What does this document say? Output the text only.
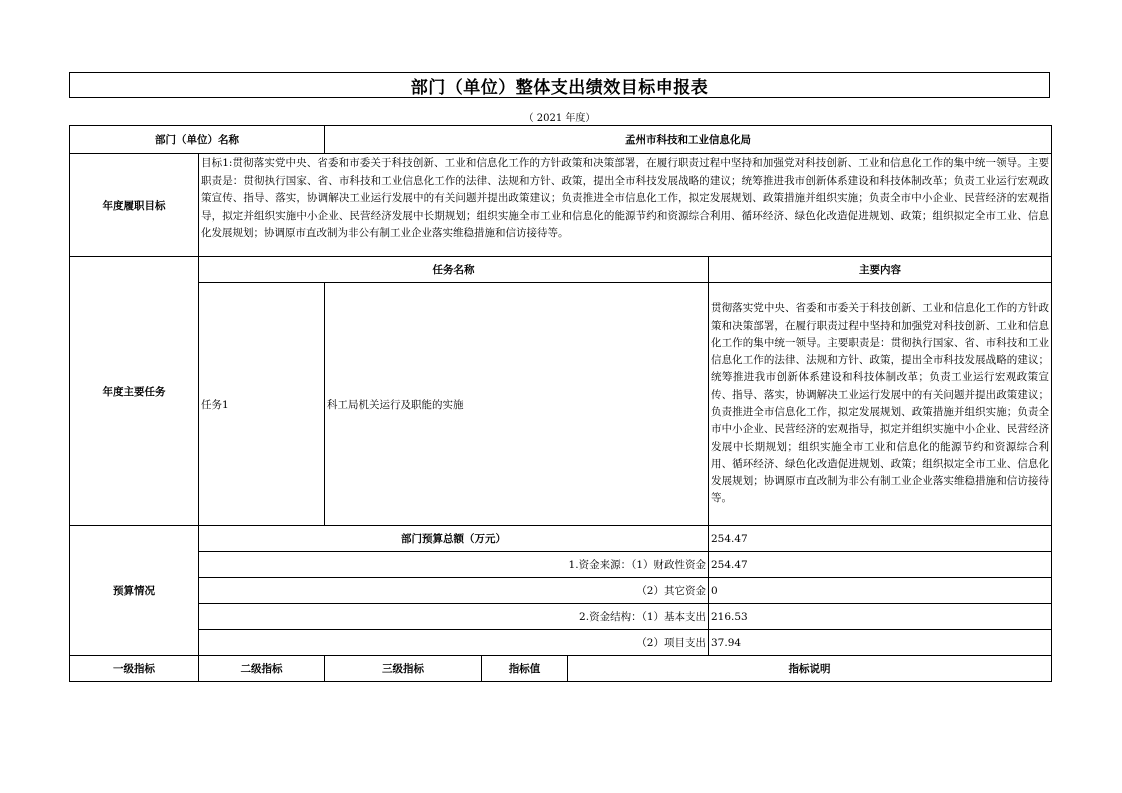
部门（单位）整体支出绩效目标申报表
（ 2021 年度）
部门（单位）名称		孟州市科技和工业信息化局			
年度履职目标	目标1:贯彻落实党中央、省委和市委关于科技创新、工业和信息化工作的方针政策和决策部署，在履行职责过程中坚持和加强党对科技创新、工业和信息化工作的集中统一领导。主要职责是：贯彻执行国家、省、市科技和工业信息化工作的法律、法规和方针、政策，提出全市科技发展战略的建议；统筹推进我市创新体系建设和科技体制改革；负责工业运行宏观政策宣传、指导、落实，协调解决工业运行发展中的有关问题并提出政策建议；负责推进全市信息化工作，拟定发展规划、政策措施并组织实施；负责全市中小企业、民营经济的宏观指导，拟定并组织实施中小企业、民营经济发展中长期规划；组织实施全市工业和信息化的能源节约和资源综合利用、循环经济、绿色化改造促进规划、政策；组织拟定全市工业、信息化发展规划；协调原市直改制为非公有制工业企业落实维稳措施和信访接待等。				
年度主要任务	任务名称				主要内容
	任务1	科工局机关运行及职能的实施			贯彻落实党中央、省委和市委关于科技创新、工业和信息化工作的方针政策和决策部署，在履行职责过程中坚持和加强党对科技创新、工业和信息化工作的集中统一领导。主要职责是：贯彻执行国家、省、市科技和工业信息化工作的法律、法规和方针、政策，提出全市科技发展战略的建议；统筹推进我市创新体系建设和科技体制改革；负责工业运行宏观政策宣传、指导、落实，协调解决工业运行发展中的有关问题并提出政策建议；负责推进全市信息化工作，拟定发展规划、政策措施并组织实施；负责全市中小企业、民营经济的宏观指导，拟定并组织实施中小企业、民营经济发展中长期规划；组织实施全市工业和信息化的能源节约和资源综合利用、循环经济、绿色化改造促进规划、政策；组织拟定全市工业、信息化发展规划；协调原市直改制为非公有制工业企业落实维稳措施和信访接待等。
预算情况	部门预算总额（万元）				254.47
	1.资金来源：（1）财政性资金				254.47
	（2）其它资金				0
	2.资金结构：（1）基本支出				216.53
	（2）项目支出				37.94
一级指标	二级指标	三级指标	指标值	指标说明	
